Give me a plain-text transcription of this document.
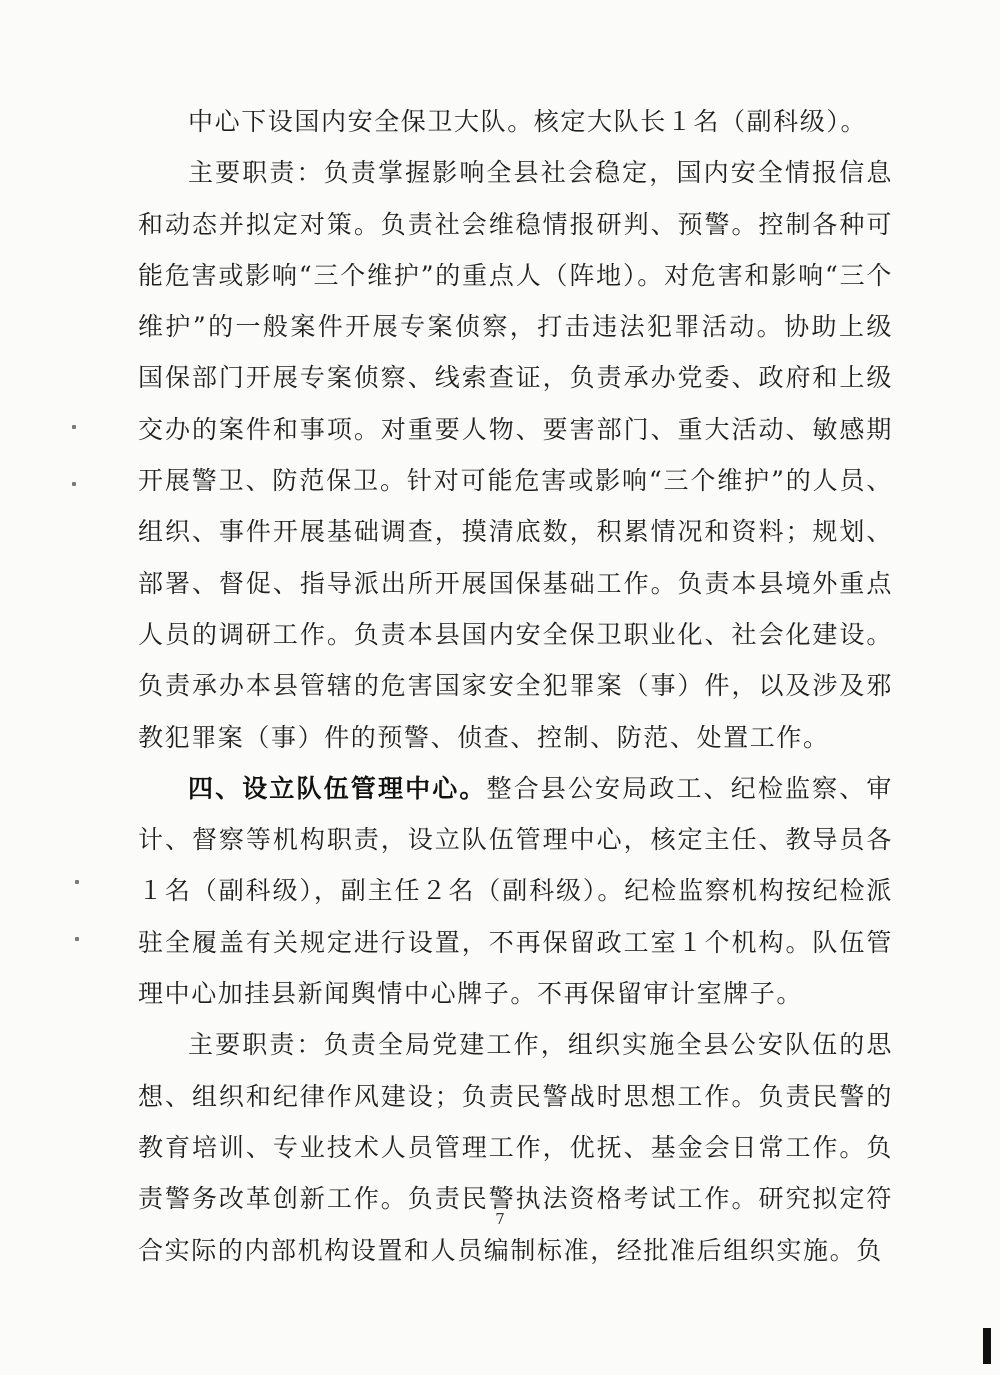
中心下设国内安全保卫大队。核定大队长１名（副科级）。

主要职责：负责掌握影响全县社会稳定，国内安全情报信息和动态并拟定对策。负责社会维稳情报研判、预警。控制各种可能危害或影响“三个维护”的重点人（阵地）。对危害和影响“三个维护”的一般案件开展专案侦察，打击违法犯罪活动。协助上级国保部门开展专案侦察、线索查证，负责承办党委、政府和上级交办的案件和事项。对重要人物、要害部门、重大活动、敏感期开展警卫、防范保卫。针对可能危害或影响“三个维护”的人员、组织、事件开展基础调查，摸清底数，积累情况和资料；规划、部署、督促、指导派出所开展国保基础工作。负责本县境外重点人员的调研工作。负责本县国内安全保卫职业化、社会化建设。负责承办本县管辖的危害国家安全犯罪案（事）件，以及涉及邪教犯罪案（事）件的预警、侦查、控制、防范、处置工作。

四、设立队伍管理中心。整合县公安局政工、纪检监察、审计、督察等机构职责，设立队伍管理中心，核定主任、教导员各１名（副科级），副主任２名（副科级）。纪检监察机构按纪检派驻全履盖有关规定进行设置，不再保留政工室１个机构。队伍管理中心加挂县新闻舆情中心牌子。不再保留审计室牌子。

主要职责：负责全局党建工作，组织实施全县公安队伍的思想、组织和纪律作风建设；负责民警战时思想工作。负责民警的教育培训、专业技术人员管理工作，优抚、基金会日常工作。负责警务改革创新工作。负责民警执法资格考试工作。研究拟定符合实际的内部机构设置和人员编制标准，经批准后组织实施。负

7
